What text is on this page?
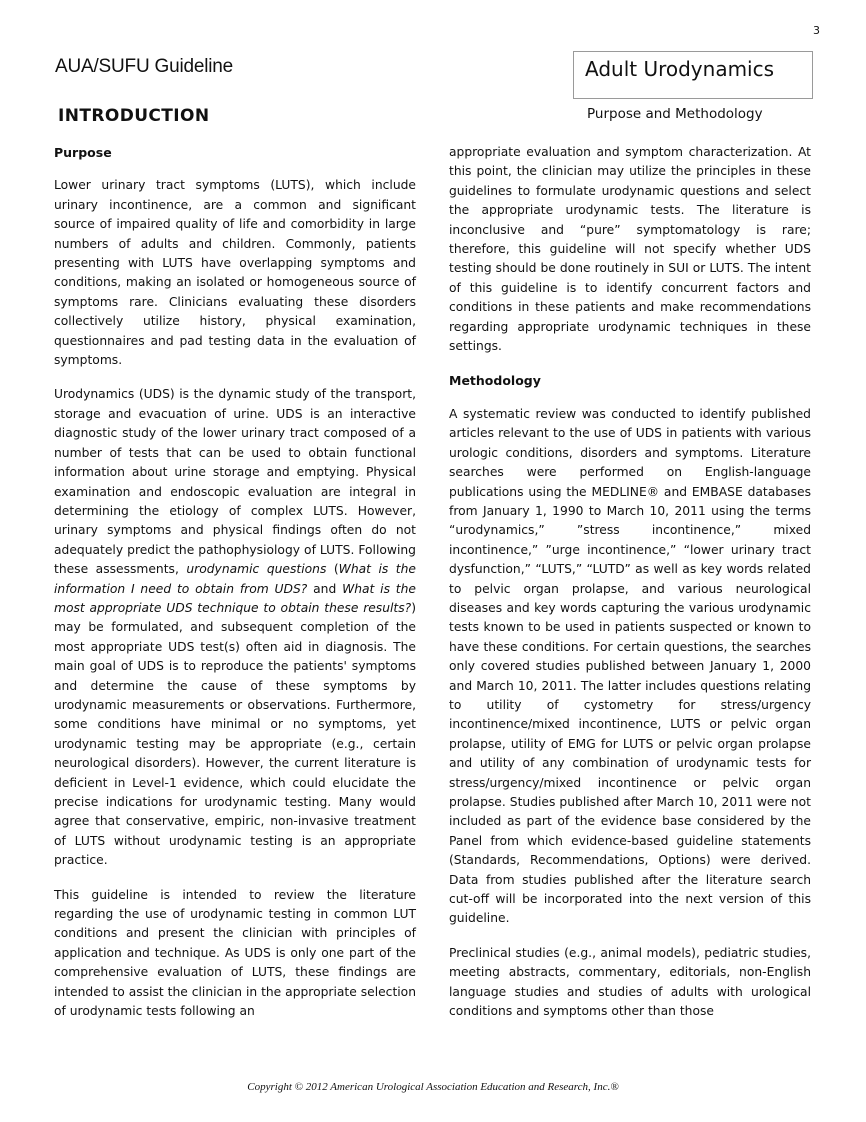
3
AUA/SUFU Guideline	Adult Urodynamics
Purpose and Methodology
INTRODUCTION
Purpose

Lower urinary tract symptoms (LUTS), which include urinary incontinence, are a common and significant source of impaired quality of life and comorbidity in large numbers of adults and children. Commonly, patients presenting with LUTS have overlapping symptoms and conditions, making an isolated or homogeneous source of symptoms rare. Clinicians evaluating these disorders collectively utilize history, physical examination, questionnaires and pad testing data in the evaluation of symptoms.

Urodynamics (UDS) is the dynamic study of the transport, storage and evacuation of urine. UDS is an interactive diagnostic study of the lower urinary tract composed of a number of tests that can be used to obtain functional information about urine storage and emptying. Physical examination and endoscopic evaluation are integral in determining the etiology of complex LUTS. However, urinary symptoms and physical findings often do not adequately predict the pathophysiology of LUTS. Following these assessments, urodynamic questions (What is the information I need to obtain from UDS? and What is the most appropriate UDS technique to obtain these results?) may be formulated, and subsequent completion of the most appropriate UDS test(s) often aid in diagnosis. The main goal of UDS is to reproduce the patients' symptoms and determine the cause of these symptoms by urodynamic measurements or observations. Furthermore, some conditions have minimal or no symptoms, yet urodynamic testing may be appropriate (e.g., certain neurological disorders). However, the current literature is deficient in Level-1 evidence, which could elucidate the precise indications for urodynamic testing. Many would agree that conservative, empiric, non-invasive treatment of LUTS without urodynamic testing is an appropriate practice.

This guideline is intended to review the literature regarding the use of urodynamic testing in common LUT conditions and present the clinician with principles of application and technique. As UDS is only one part of the comprehensive evaluation of LUTS, these findings are intended to assist the clinician in the appropriate selection of urodynamic tests following an

appropriate evaluation and symptom characterization. At this point, the clinician may utilize the principles in these guidelines to formulate urodynamic questions and select the appropriate urodynamic tests. The literature is inconclusive and “pure” symptomatology is rare; therefore, this guideline will not specify whether UDS testing should be done routinely in SUI or LUTS. The intent of this guideline is to identify concurrent factors and conditions in these patients and make recommendations regarding appropriate urodynamic techniques in these settings.

Methodology

A systematic review was conducted to identify published articles relevant to the use of UDS in patients with various urologic conditions, disorders and symptoms. Literature searches were performed on English-language publications using the MEDLINE® and EMBASE databases from January 1, 1990 to March 10, 2011 using the terms “urodynamics,” ”stress incontinence,” mixed incontinence,” ”urge incontinence,” “lower urinary tract dysfunction,” “LUTS,” “LUTD” as well as key words related to pelvic organ prolapse, and various neurological diseases and key words capturing the various urodynamic tests known to be used in patients suspected or known to have these conditions. For certain questions, the searches only covered studies published between January 1, 2000 and March 10, 2011. The latter includes questions relating to utility of cystometry for stress/urgency incontinence/mixed incontinence, LUTS or pelvic organ prolapse, utility of EMG for LUTS or pelvic organ prolapse and utility of any combination of urodynamic tests for stress/urgency/mixed incontinence or pelvic organ prolapse. Studies published after March 10, 2011 were not included as part of the evidence base considered by the Panel from which evidence-based guideline statements (Standards, Recommendations, Options) were derived. Data from studies published after the literature search cut-off will be incorporated into the next version of this guideline.

Preclinical studies (e.g., animal models), pediatric studies, meeting abstracts, commentary, editorials, non-English language studies and studies of adults with urological conditions and symptoms other than those

Copyright © 2012 American Urological Association Education and Research, Inc.®
